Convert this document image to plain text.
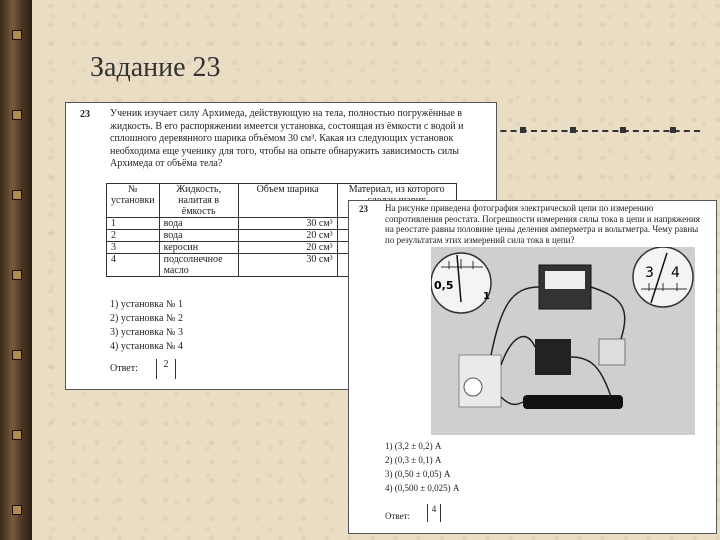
Задание 23
23 Ученик изучает силу Архимеда, действующую на тела, полностью погружённые в жидкость. В его распоряжении имеется установка, состоящая из ёмкости с водой и сплошного деревянного шарика объёмом 30 см³. Какая из следующих установок необходима еще ученику для того, чтобы на опыте обнаружить зависимость силы Архимеда от объёма тела?
№ установки	Жидкость, налитая в ёмкость	Объем шарика	Материал, из которого
1	вода	30 см³	
2	вода	20 см³	
3	керосин	20 см³	
4	подсолнечное масло	30 см³	
1) установка № 1
2) установка № 2
3) установка № 3
4) установка № 4
Ответ:	2
23 На рисунке приведена фотография электрической цепи по измерению сопротивления реостата. Погрешности измерения силы тока в цепи и напряжения на реостате равны половине цены деления амперметра и вольтметра. Чему равны по результатам этих измерений сила тока в цепи?
0,5
1
3 4
1) (3,2 ± 0,2) А
2) (0,3 ± 0,1) А
3) (0,50 ± 0,05) А
4) (0,500 ± 0,025) А
Ответ:
4
